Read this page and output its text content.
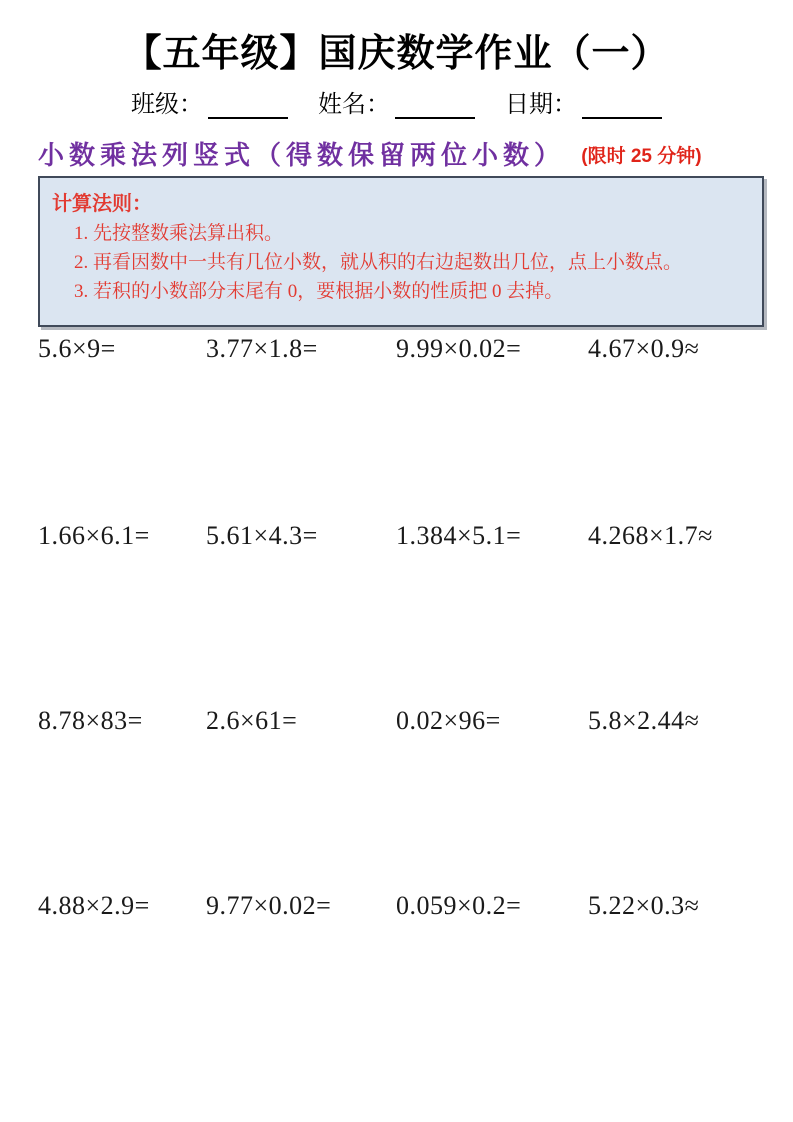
【五年级】国庆数学作业（一）
班级：	姓名：	日期：
小数乘法列竖式（得数保留两位小数） (限时 25 分钟)
计算法则：
1. 先按整数乘法算出积。
2. 再看因数中一共有几位小数，就从积的右边起数出几位，点上小数点。
3. 若积的小数部分末尾有 0，要根据小数的性质把 0 去掉。
5.6×9=	3.77×1.8=	9.99×0.02=	4.67×0.9≈
1.66×6.1=	5.61×4.3=	1.384×5.1=	4.268×1.7≈
8.78×83=	2.6×61=	0.02×96=	5.8×2.44≈
4.88×2.9=	9.77×0.02=	0.059×0.2=	5.22×0.3≈
